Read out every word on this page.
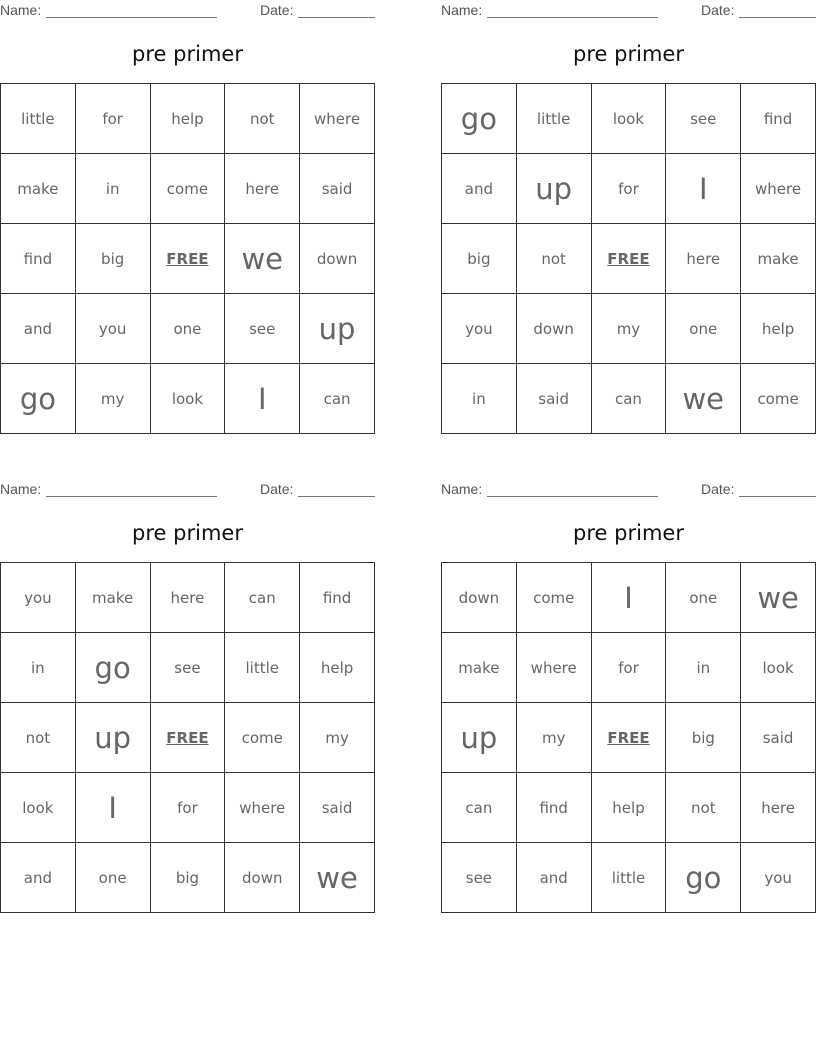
Name:	Date:
pre primer
little	for	help	not	where
make	in	come	here	said
find	big	FREE	we	down
and	you	one	see	up
go	my	look	I	can
Name:	Date:
pre primer
go	little	look	see	find
and	up	for	I	where
big	not	FREE	here	make
you	down	my	one	help
in	said	can	we	come
Name:	Date:
pre primer
you	make	here	can	find
in	go	see	little	help
not	up	FREE	come	my
look	I	for	where	said
and	one	big	down	we
Name:	Date:
pre primer
down	come	I	one	we
make	where	for	in	look
up	my	FREE	big	said
can	find	help	not	here
see	and	little	go	you
